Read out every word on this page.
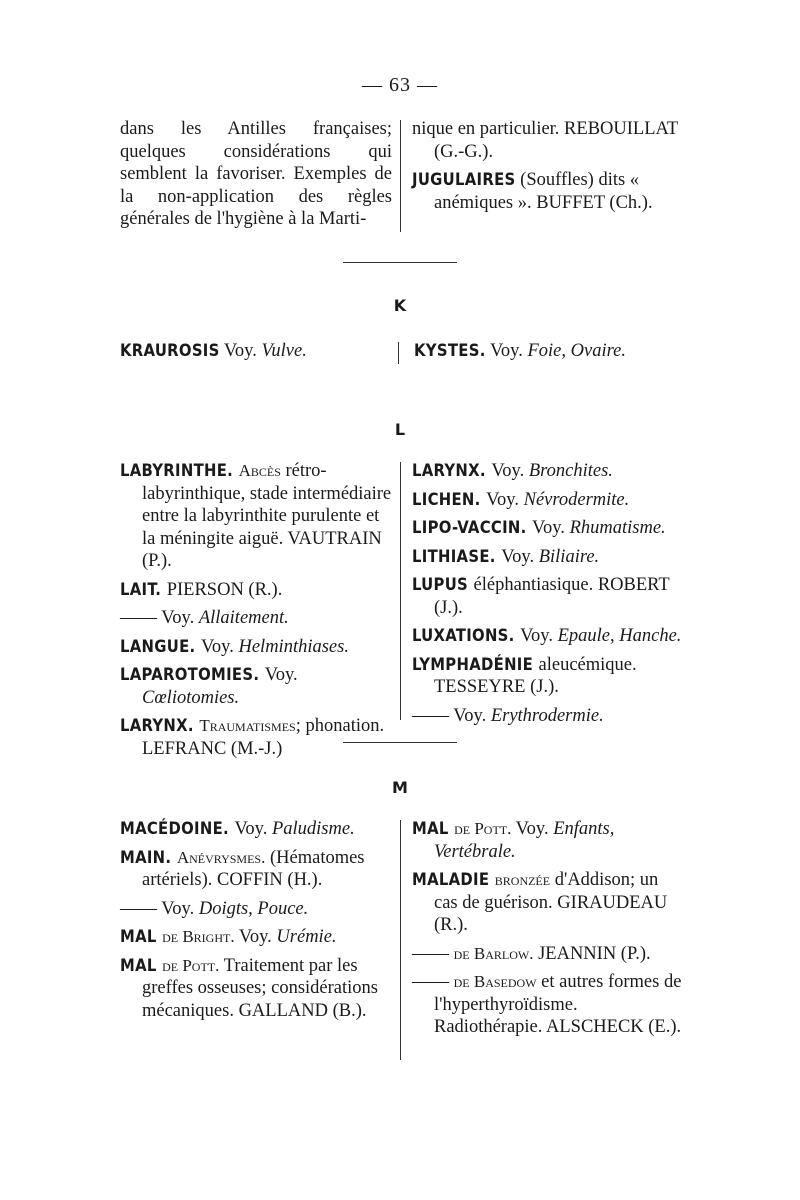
— 63 —
dans les Antilles françaises; quelques considérations qui semblent la favoriser. Exemples de la non-application des règles générales de l'hygiène à la Marti-
nique en particulier. REBOUILLAT (G.-G.).
JUGULAIRES (Souffles) dits « anémiques ». BUFFET (Ch.).
K
KRAUROSIS Voy. Vulve.	KYSTES. Voy. Foie, Ovaire.
L
LABYRINTHE. Abcès rétro-labyrinthique, stade intermédiaire entre la labyrinthite purulente et la méningite aiguë. VAUTRAIN (P.).
LAIT. PIERSON (R.).
—— Voy. Allaitement.
LANGUE. Voy. Helminthiases.
LAPAROTOMIES. Voy. Cœliotomies.
LARYNX. Traumatismes; phonation. LEFRANC (M.-J.)
LARYNX. Voy. Bronchites.
LICHEN. Voy. Névrodermite.
LIPO-VACCIN. Voy. Rhumatisme.
LITHIASE. Voy. Biliaire.
LUPUS éléphantiasique. ROBERT (J.).
LUXATIONS. Voy. Epaule, Hanche.
LYMPHADÉNIE aleucémique. TESSEYRE (J.).
—— Voy. Erythrodermie.
M
MACÉDOINE. Voy. Paludisme.
MAIN. Anévrysmes. (Hématomes artériels). COFFIN (H.).
—— Voy. Doigts, Pouce.
MAL de Bright. Voy. Urémie.
MAL de Pott. Traitement par les greffes osseuses; considérations mécaniques. GALLAND (B.).
MAL de Pott. Voy. Enfants, Vertébrale.
MALADIE bronzée d'Addison; un cas de guérison. GIRAUDEAU (R.).
—— de Barlow. JEANNIN (P.).
—— de Basedow et autres formes de l'hyperthyroïdisme. Radiothérapie. ALSCHECK (E.).
